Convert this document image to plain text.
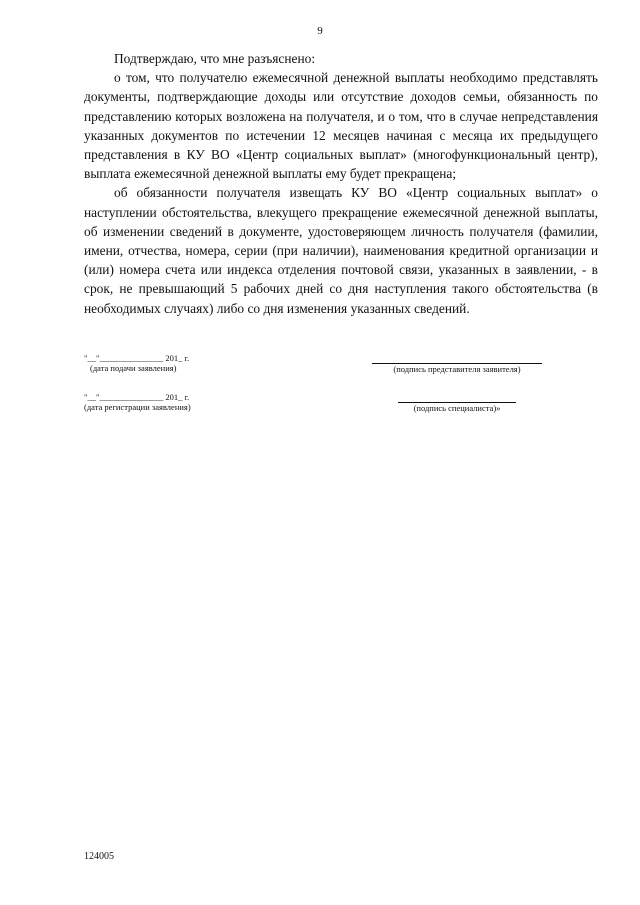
9

Подтверждаю, что мне разъяснено:

о том, что получателю ежемесячной денежной выплаты необходимо представлять документы, подтверждающие доходы или отсутствие доходов семьи, обязанность по представлению которых возложена на получателя, и о том, что в случае непредставления указанных документов по истечении 12 месяцев начиная с месяца их предыдущего представления в КУ ВО «Центр социальных выплат» (многофункциональный центр), выплата ежемесячной денежной выплаты ему будет прекращена;

об обязанности получателя извещать КУ ВО «Центр социальных выплат» о наступлении обстоятельства, влекущего прекращение ежемесячной денежной выплаты, об изменении сведений в документе, удостоверяющем личность получателя (фамилии, имени, отчества, номера, серии (при наличии), наименования кредитной организации и (или) номера счета или индекса отделения почтовой связи, указанных в заявлении, - в срок, не превышающий 5 рабочих дней со дня наступления такого обстоятельства (в необходимых случаях) либо со дня изменения указанных сведений.

"__"_______________ 201_ г.
(дата подачи заявления)	(подпись представителя заявителя)
"__"_______________ 201_ г.
(дата регистрации заявления)	(подпись специалиста)»
124005
